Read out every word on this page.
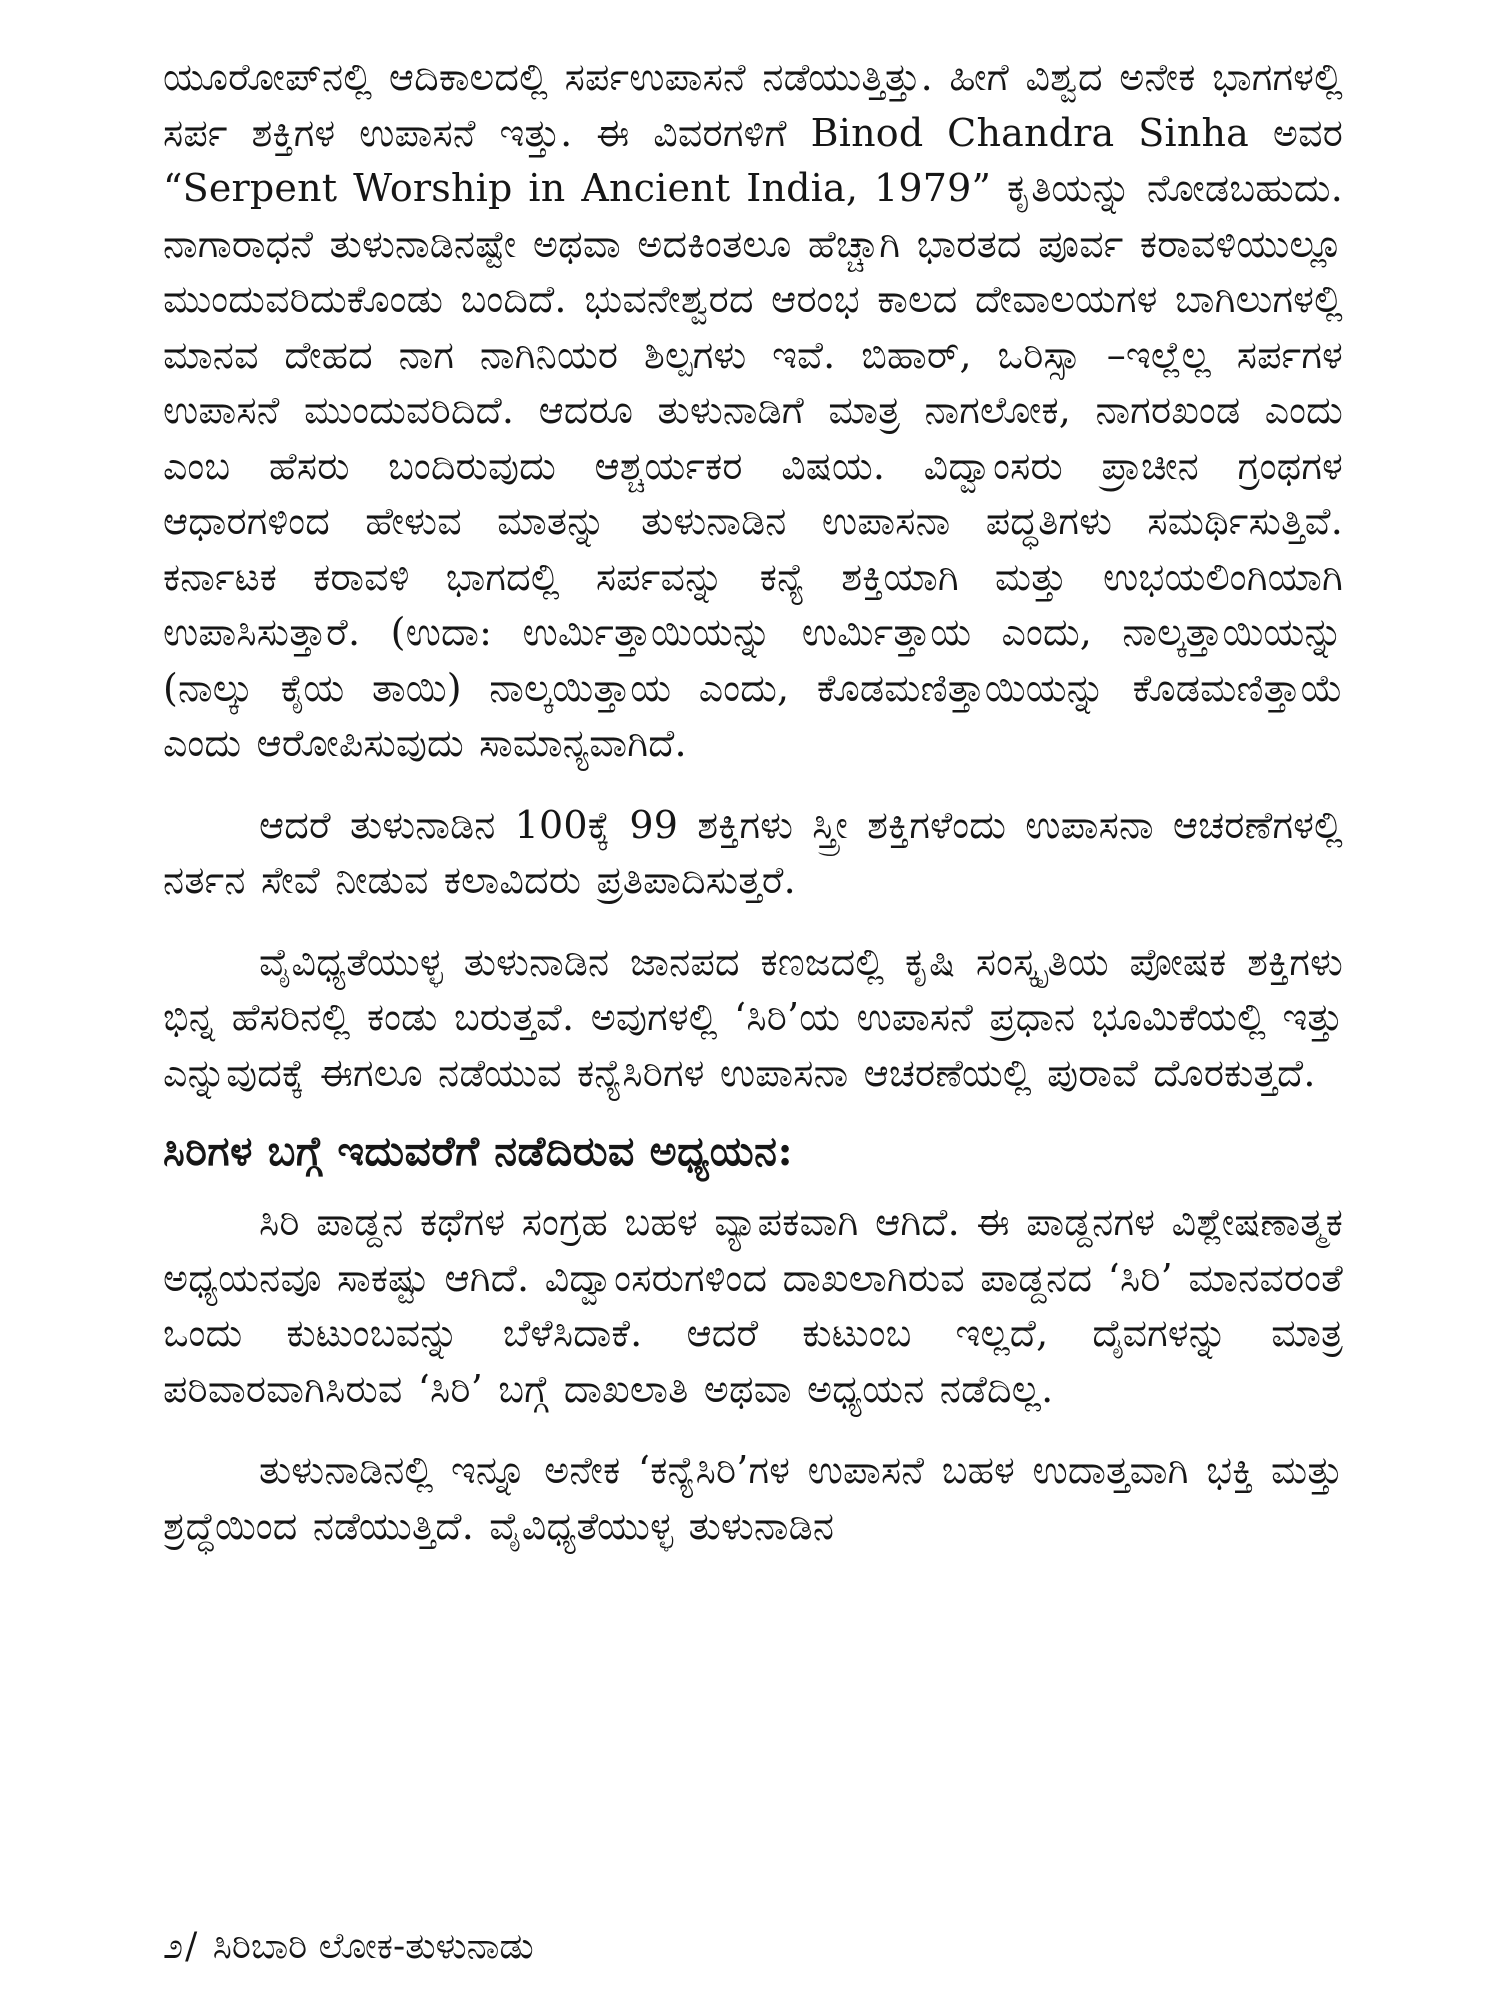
ಯೂರೋಪ್‌ನಲ್ಲಿ ಆದಿಕಾಲದಲ್ಲಿ ಸರ್ಪಉಪಾಸನೆ ನಡೆಯುತ್ತಿತ್ತು. ಹೀಗೆ ವಿಶ್ವದ ಅನೇಕ ಭಾಗಗಳಲ್ಲಿ ಸರ್ಪ ಶಕ್ತಿಗಳ ಉಪಾಸನೆ ಇತ್ತು. ಈ ವಿವರಗಳಿಗೆ Binod Chandra Sinha ಅವರ “Serpent Worship in Ancient India, 1979” ಕೃತಿಯನ್ನು ನೋಡಬಹುದು. ನಾಗಾರಾಧನೆ ತುಳುನಾಡಿನಷ್ಟೇ ಅಥವಾ ಅದಕಿಂತಲೂ ಹೆಚ್ಚಾಗಿ ಭಾರತದ ಪೂರ್ವ ಕರಾವಳಿಯುಲ್ಲೂ ಮುಂದುವರಿದುಕೊಂಡು ಬಂದಿದೆ. ಭುವನೇಶ್ವರದ ಆರಂಭ ಕಾಲದ ದೇವಾಲಯಗಳ ಬಾಗಿಲುಗಳಲ್ಲಿ ಮಾನವ ದೇಹದ ನಾಗ ನಾಗಿನಿಯರ ಶಿಲ್ಪಗಳು ಇವೆ. ಬಿಹಾರ್, ಒರಿಸ್ಸಾ –ಇಲ್ಲೆಲ್ಲ ಸರ್ಪಗಳ ಉಪಾಸನೆ ಮುಂದುವರಿದಿದೆ. ಆದರೂ ತುಳುನಾಡಿಗೆ ಮಾತ್ರ ನಾಗಲೋಕ, ನಾಗರಖಂಡ ಎಂದು ಎಂಬ ಹೆಸರು ಬಂದಿರುವುದು ಆಶ್ಚರ್ಯಕರ ವಿಷಯ. ವಿದ್ವಾಂಸರು ಪ್ರಾಚೀನ ಗ್ರಂಥಗಳ ಆಧಾರಗಳಿಂದ ಹೇಳುವ ಮಾತನ್ನು ತುಳುನಾಡಿನ ಉಪಾಸನಾ ಪದ್ಧತಿಗಳು ಸಮರ್ಥಿಸುತ್ತಿವೆ. ಕರ್ನಾಟಕ ಕರಾವಳಿ ಭಾಗದಲ್ಲಿ ಸರ್ಪವನ್ನು ಕನ್ಯೆ ಶಕ್ತಿಯಾಗಿ ಮತ್ತು ಉಭಯಲಿಂಗಿಯಾಗಿ ಉಪಾಸಿಸುತ್ತಾರೆ. (ಉದಾ: ಉರ್ಮಿತ್ತಾಯಿಯನ್ನು ಉರ್ಮಿತ್ತಾಯ ಎಂದು, ನಾಲ್ಕತ್ತಾಯಿಯನ್ನು (ನಾಲ್ಕು ಕೈಯ ತಾಯಿ) ನಾಲ್ಕಯಿತ್ತಾಯ ಎಂದು, ಕೊಡಮಣಿತ್ತಾಯಿಯನ್ನು ಕೊಡಮಣಿತ್ತಾಯೆ ಎಂದು ಆರೋಪಿಸುವುದು ಸಾಮಾನ್ಯವಾಗಿದೆ.

ಆದರೆ ತುಳುನಾಡಿನ 100ಕ್ಕೆ 99 ಶಕ್ತಿಗಳು ಸ್ತ್ರೀ ಶಕ್ತಿಗಳೆಂದು ಉಪಾಸನಾ ಆಚರಣೆಗಳಲ್ಲಿ ನರ್ತನ ಸೇವೆ ನೀಡುವ ಕಲಾವಿದರು ಪ್ರತಿಪಾದಿಸುತ್ತರೆ.

ವೈವಿಧ್ಯತೆಯುಳ್ಳ ತುಳುನಾಡಿನ ಜಾನಪದ ಕಣಜದಲ್ಲಿ ಕೃಷಿ ಸಂಸ್ಕೃತಿಯ ಪೋಷಕ ಶಕ್ತಿಗಳು ಭಿನ್ನ ಹೆಸರಿನಲ್ಲಿ ಕಂಡು ಬರುತ್ತವೆ. ಅವುಗಳಲ್ಲಿ ‘ಸಿರಿ’ಯ ಉಪಾಸನೆ ಪ್ರಧಾನ ಭೂಮಿಕೆಯಲ್ಲಿ ಇತ್ತು ಎನ್ನುವುದಕ್ಕೆ ಈಗಲೂ ನಡೆಯುವ ಕನ್ಯೆಸಿರಿಗಳ ಉಪಾಸನಾ ಆಚರಣೆಯಲ್ಲಿ ಪುರಾವೆ ದೊರಕುತ್ತದೆ.

ಸಿರಿಗಳ ಬಗ್ಗೆ ಇದುವರೆಗೆ ನಡೆದಿರುವ ಅಧ್ಯಯನ:

ಸಿರಿ ಪಾಡ್ದನ ಕಥೆಗಳ ಸಂಗ್ರಹ ಬಹಳ ವ್ಯಾಪಕವಾಗಿ ಆಗಿದೆ. ಈ ಪಾಡ್ದನಗಳ ವಿಶ್ಲೇಷಣಾತ್ಮಕ ಅಧ್ಯಯನವೂ ಸಾಕಷ್ಟು ಆಗಿದೆ. ವಿದ್ವಾಂಸರುಗಳಿಂದ ದಾಖಲಾಗಿರುವ ಪಾಡ್ದನದ ‘ಸಿರಿ’ ಮಾನವರಂತೆ ಒಂದು ಕುಟುಂಬವನ್ನು ಬೆಳೆಸಿದಾಕೆ. ಆದರೆ ಕುಟುಂಬ ಇಲ್ಲದೆ, ದೈವಗಳನ್ನು ಮಾತ್ರ ಪರಿವಾರವಾಗಿಸಿರುವ ‘ಸಿರಿ’ ಬಗ್ಗೆ ದಾಖಲಾತಿ ಅಥವಾ ಅಧ್ಯಯನ ನಡೆದಿಲ್ಲ.

ತುಳುನಾಡಿನಲ್ಲಿ ಇನ್ನೂ ಅನೇಕ ‘ಕನ್ಯೆಸಿರಿ’ಗಳ ಉಪಾಸನೆ ಬಹಳ ಉದಾತ್ತವಾಗಿ ಭಕ್ತಿ ಮತ್ತು ಶ್ರದ್ಧೆಯಿಂದ ನಡೆಯುತ್ತಿದೆ. ವೈವಿಧ್ಯತೆಯುಳ್ಳ ತುಳುನಾಡಿನ

೨/ ಸಿರಿಬಾರಿ ಲೋಕ-ತುಳುನಾಡು
